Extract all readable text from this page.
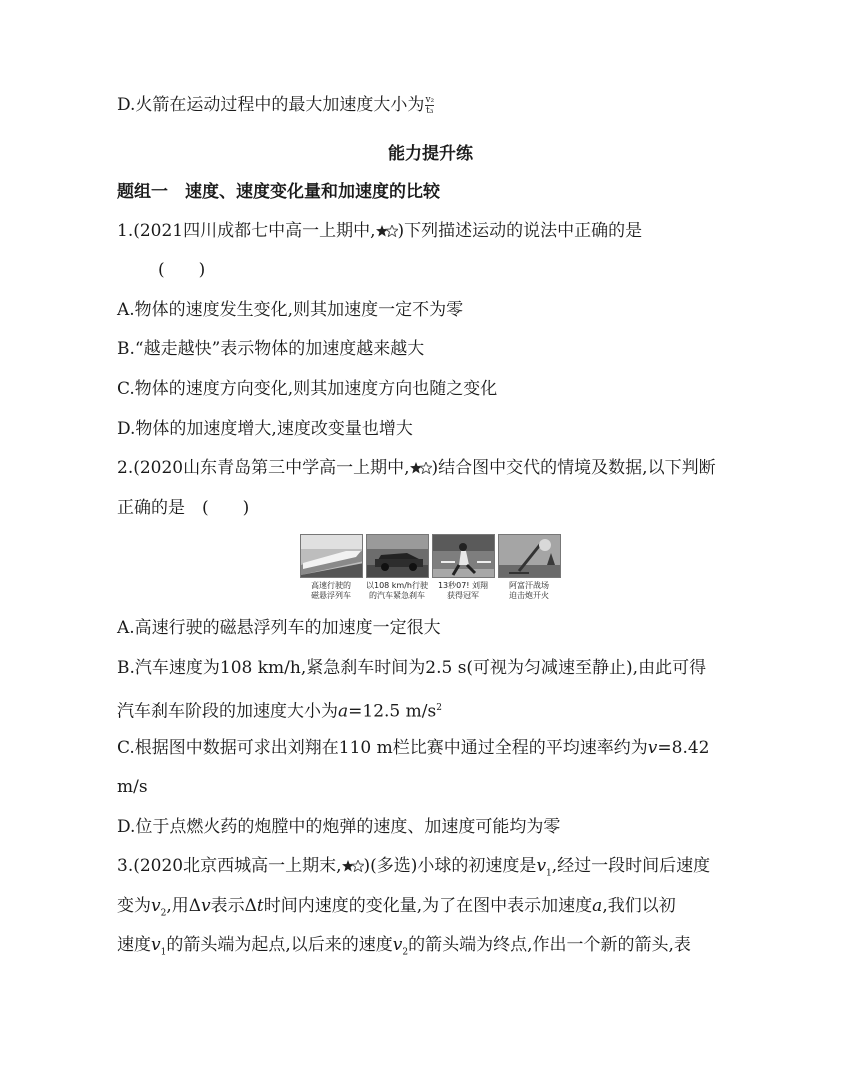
D.火箭在运动过程中的最大加速度大小为 $\frac{\text{v₂}}{\text{t₃}}$
能力提升练
题组一　速度、速度变化量和加速度的比较
1.(2021四川成都七中高一上期中, )下列描述运动的说法中正确的是
(　　)
A.物体的速度发生变化,则其加速度一定不为零
B.“越走越快”表示物体的加速度越来越大
C.物体的速度方向变化,则其加速度方向也随之变化
D.物体的加速度增大,速度改变量也增大
2.(2020山东青岛第三中学高一上期中, )结合图中交代的情境及数据,以下判断
正确的是　(　　)
高速行驶的
磁悬浮列车
以108 km/h行驶
的汽车紧急刹车
13秒07! 刘翔
获得冠军
阿富汗战场
迫击炮开火
A.高速行驶的磁悬浮列车的加速度一定很大
B.汽车速度为108 km/h,紧急刹车时间为2.5 s(可视为匀减速至静止),由此可得
汽车刹车阶段的加速度大小为a=12.5 $m/s^2$
C.根据图中数据可求出刘翔在110 m栏比赛中通过全程的平均速率约为v=8.42
m/s
D.位于点燃火药的炮膛中的炮弹的速度、加速度可能均为零
3.(2020北京西城高一上期末, )(多选)小球的初速度是$v_1$,经过一段时间后速度
变为$v_2$,用Δv表示Δt时间内速度的变化量,为了在图中表示加速度a,我们以初
速度$v_1$的箭头端为起点,以后来的速度$v_2$的箭头端为终点,作出一个新的箭头,表
